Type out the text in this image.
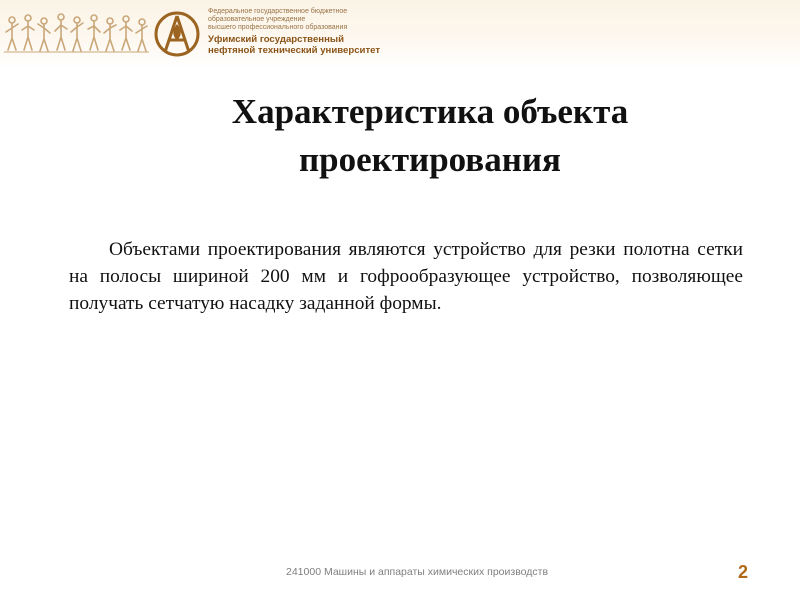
Федеральное государственное бюджетное
образовательное учреждение
высшего профессионального образования
Уфимский государственный
нефтяной технический университет
Характеристика объекта
проектирования

Объектами проектирования являются устройство для резки полотна сетки на полосы шириной 200 мм и гофрообразующее устройство, позволяющее получать сетчатую насадку заданной формы.

241000 Машины и аппараты химических производств	2
